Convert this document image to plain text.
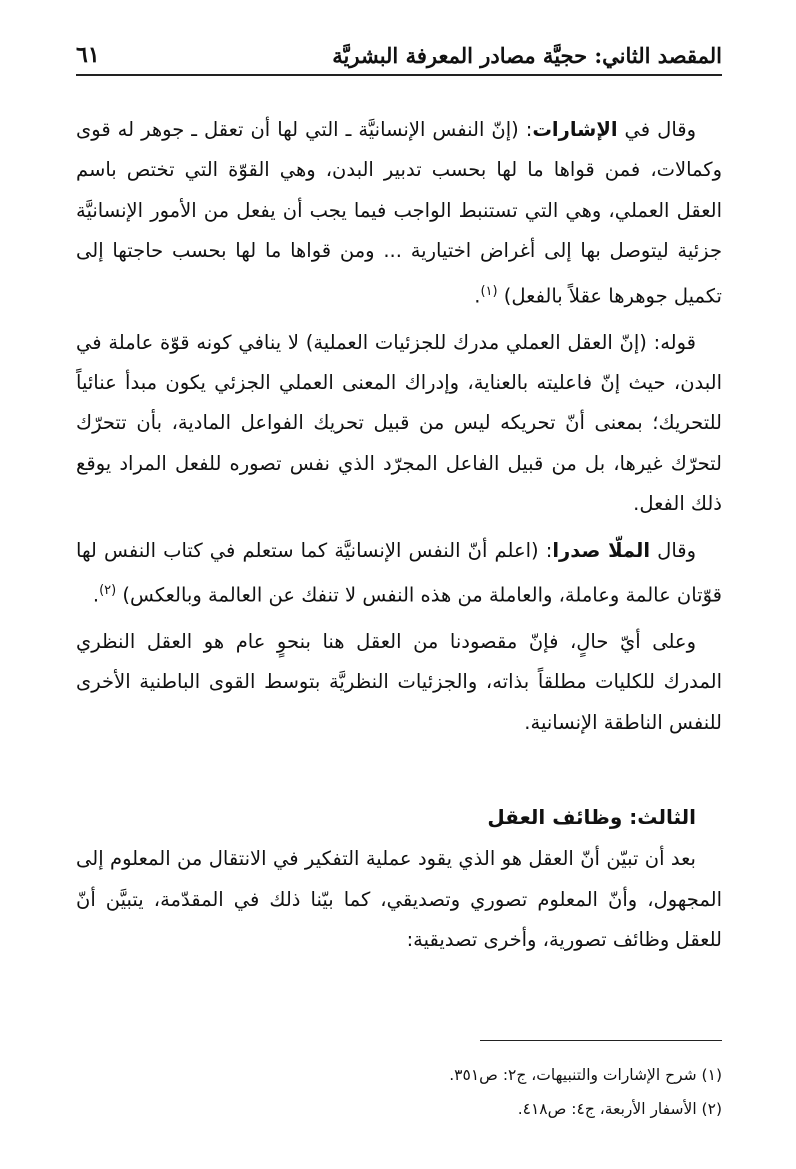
المقصد الثاني: حجيَّة مصادر المعرفة البشريَّة
٦١

وقال في الإشارات: (إنّ النفس الإنسانيَّة ـ التي لها أن تعقل ـ جوهر له قوى وكمالات، فمن قواها ما لها بحسب تدبير البدن، وهي القوّة التي تختص باسم العقل العملي، وهي التي تستنبط الواجب فيما يجب أن يفعل من الأمور الإنسانيَّة جزئية ليتوصل بها إلى أغراض اختيارية ... ومن قواها ما لها بحسب حاجتها إلى تكميل جوهرها عقلاً بالفعل) $^{(١)}$.

قوله: (إنّ العقل العملي مدرك للجزئيات العملية) لا ينافي كونه قوّة عاملة في البدن، حيث إنّ فاعليته بالعناية، وإدراك المعنى العملي الجزئي يكون مبدأ عنائياً للتحريك؛ بمعنى أنّ تحريكه ليس من قبيل تحريك الفواعل المادية، بأن تتحرّك لتحرّك غيرها، بل من قبيل الفاعل المجرّد الذي نفس تصوره للفعل المراد يوقع ذلك الفعل.

وقال الملّا صدرا: (اعلم أنّ النفس الإنسانيَّة كما ستعلم في كتاب النفس لها قوّتان عالمة وعاملة، والعاملة من هذه النفس لا تنفك عن العالمة وبالعكس) $^{(٢)}$.

وعلى أيّ حالٍ، فإنّ مقصودنا من العقل هنا بنحوٍ عام هو العقل النظري المدرك للكليات مطلقاً بذاته، والجزئيات النظريَّة بتوسط القوى الباطنية الأخرى للنفس الناطقة الإنسانية.

الثالث: وظائف العقل

بعد أن تبيّن أنّ العقل هو الذي يقود عملية التفكير في الانتقال من المعلوم إلى المجهول، وأنّ المعلوم تصوري وتصديقي، كما بيّنا ذلك في المقدّمة، يتبيَّن أنّ للعقل وظائف تصورية، وأخرى تصديقية:

(١) شرح الإشارات والتنبيهات، ج٢: ص٣٥١.
(٢) الأسفار الأربعة، ج٤: ص٤١٨.
